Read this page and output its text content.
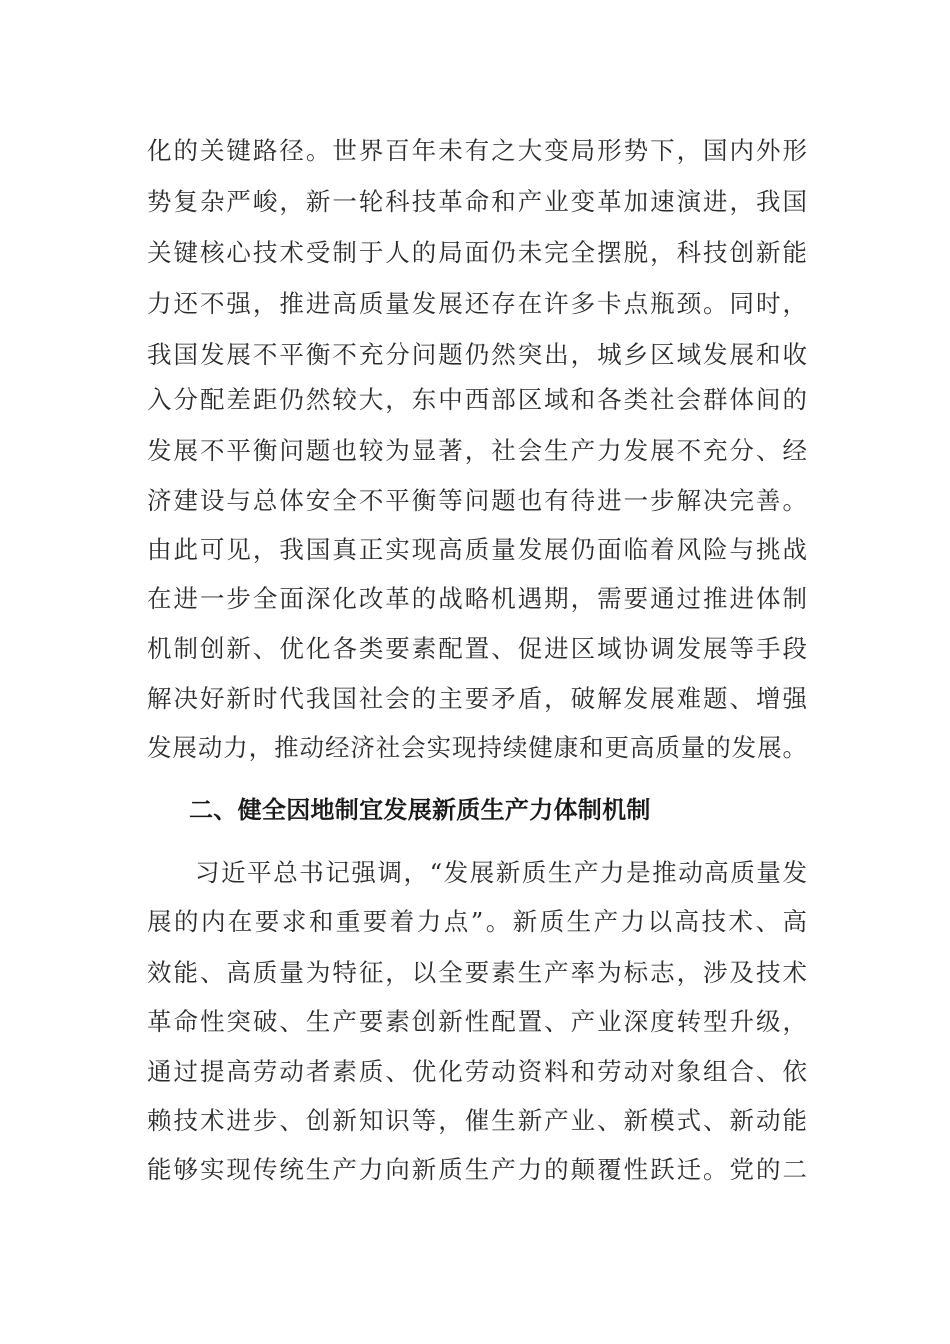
化的关键路径。世界百年未有之大变局形势下，国内外形
势复杂严峻，新一轮科技革命和产业变革加速演进，我国
关键核心技术受制于人的局面仍未完全摆脱，科技创新能
力还不强，推进高质量发展还存在许多卡点瓶颈。同时，
我国发展不平衡不充分问题仍然突出，城乡区域发展和收
入分配差距仍然较大，东中西部区域和各类社会群体间的
发展不平衡问题也较为显著，社会生产力发展不充分、经
济建设与总体安全不平衡等问题也有待进一步解决完善。
由此可见，我国真正实现高质量发展仍面临着风险与挑战
在进一步全面深化改革的战略机遇期，需要通过推进体制
机制创新、优化各类要素配置、促进区域协调发展等手段
解决好新时代我国社会的主要矛盾，破解发展难题、增强
发展动力，推动经济社会实现持续健康和更高质量的发展。
二、健全因地制宜发展新质生产力体制机制
习近平总书记强调，“发展新质生产力是推动高质量发
展的内在要求和重要着力点”。新质生产力以高技术、高
效能、高质量为特征，以全要素生产率为标志，涉及技术
革命性突破、生产要素创新性配置、产业深度转型升级，
通过提高劳动者素质、优化劳动资料和劳动对象组合、依
赖技术进步、创新知识等，催生新产业、新模式、新动能
能够实现传统生产力向新质生产力的颠覆性跃迁。党的二
